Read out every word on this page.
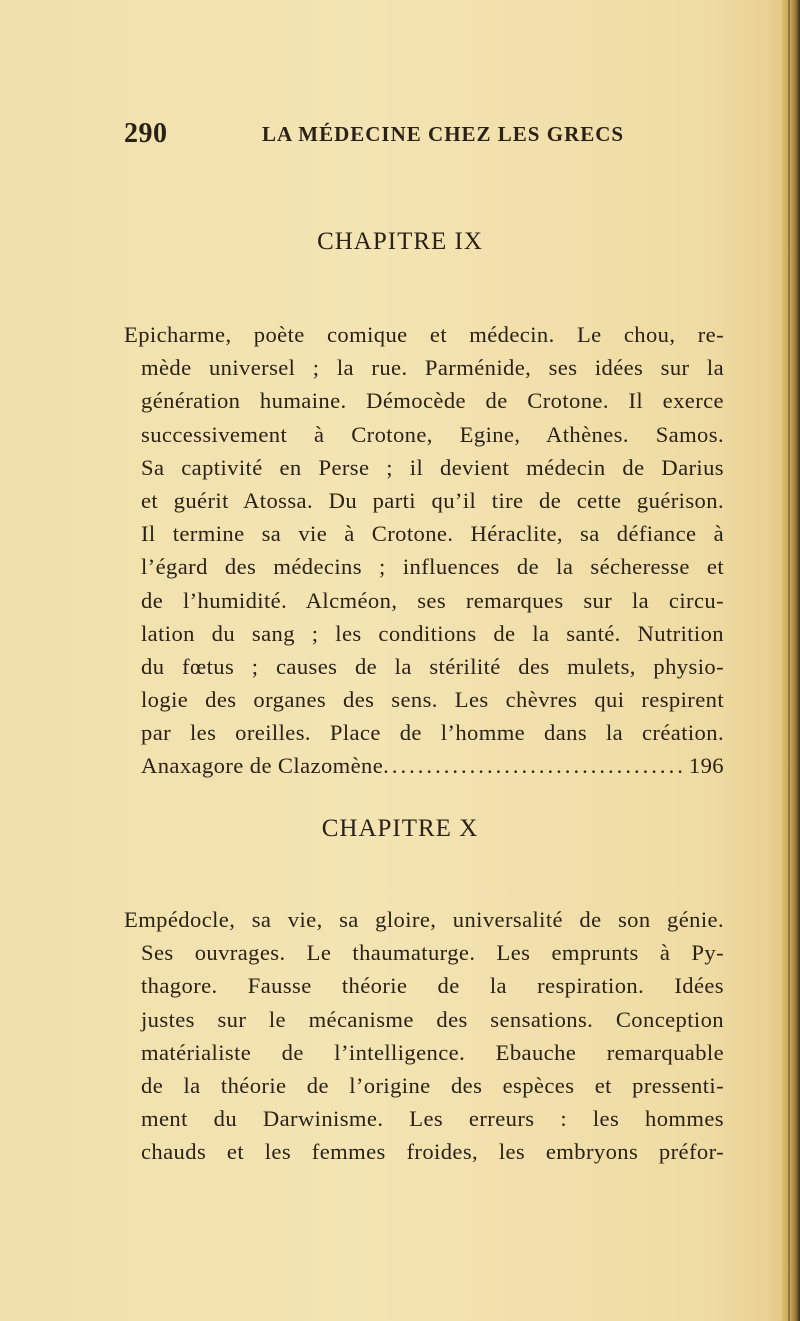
290	LA MÉDECINE CHEZ LES GRECS
CHAPITRE IX
Epicharme, poète comique et médecin. Le chou, re-
mède universel ; la rue. Parménide, ses idées sur la
génération humaine. Démocède de Crotone. Il exerce
successivement à Crotone, Egine, Athènes. Samos.
Sa captivité en Perse ; il devient médecin de Darius
et guérit Atossa. Du parti qu’il tire de cette guérison.
Il termine sa vie à Crotone. Héraclite, sa défiance à
l’égard des médecins ; influences de la sécheresse et
de l’humidité. Alcméon, ses remarques sur la circu-
lation du sang ; les conditions de la santé. Nutrition
du fœtus ; causes de la stérilité des mulets, physio-
logie des organes des sens. Les chèvres qui respirent
par les oreilles. Place de l’homme dans la création.
Anaxagore de Clazomène
.....	196
CHAPITRE X
Empédocle, sa vie, sa gloire, universalité de son génie.
Ses ouvrages. Le thaumaturge. Les emprunts à Py-
thagore. Fausse théorie de la respiration. Idées
justes sur le mécanisme des sensations. Conception
matérialiste de l’intelligence. Ebauche remarquable
de la théorie de l’origine des espèces et pressenti-
ment du Darwinisme. Les erreurs : les hommes
chauds et les femmes froides, les embryons préfor-
